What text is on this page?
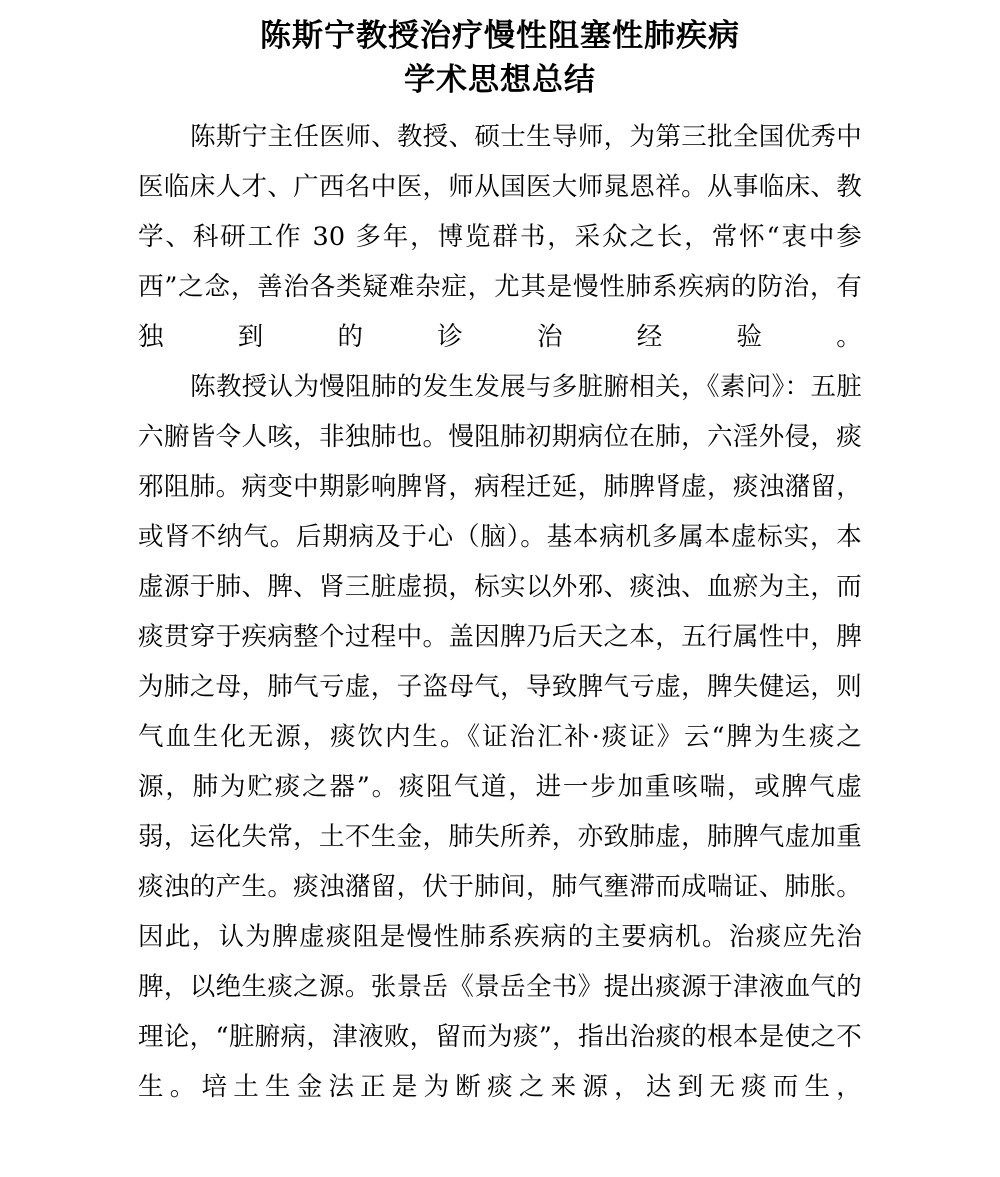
陈斯宁教授治疗慢性阻塞性肺疾病
学术思想总结

陈斯宁主任医师、教授、硕士生导师，为第三批全国优秀中医临床人才、广西名中医，师从国医大师晁恩祥。从事临床、教学、科研工作 30 多年，博览群书，采众之长，常怀“衷中参西”之念，善治各类疑难杂症，尤其是慢性肺系疾病的防治，有独到的诊治经验。

陈教授认为慢阻肺的发生发展与多脏腑相关，《素问》：五脏六腑皆令人咳，非独肺也。慢阻肺初期病位在肺，六淫外侵，痰邪阻肺。病变中期影响脾肾，病程迁延，肺脾肾虚，痰浊潴留，或肾不纳气。后期病及于心（脑）。基本病机多属本虚标实，本虚源于肺、脾、肾三脏虚损，标实以外邪、痰浊、血瘀为主，而痰贯穿于疾病整个过程中。盖因脾乃后天之本，五行属性中，脾为肺之母，肺气亏虚，子盗母气，导致脾气亏虚，脾失健运，则气血生化无源，痰饮内生。《证治汇补·痰证》云“脾为生痰之源，肺为贮痰之器”。痰阻气道，进一步加重咳喘，或脾气虚弱，运化失常，土不生金，肺失所养，亦致肺虚，肺脾气虚加重痰浊的产生。痰浊潴留，伏于肺间，肺气壅滞而成喘证、肺胀。因此，认为脾虚痰阻是慢性肺系疾病的主要病机。治痰应先治脾，以绝生痰之源。张景岳《景岳全书》提出痰源于津液血气的理论，“脏腑病，津液败，留而为痰”，指出治痰的根本是使之不生。培土生金法正是为断痰之来源，达到无痰而生，
